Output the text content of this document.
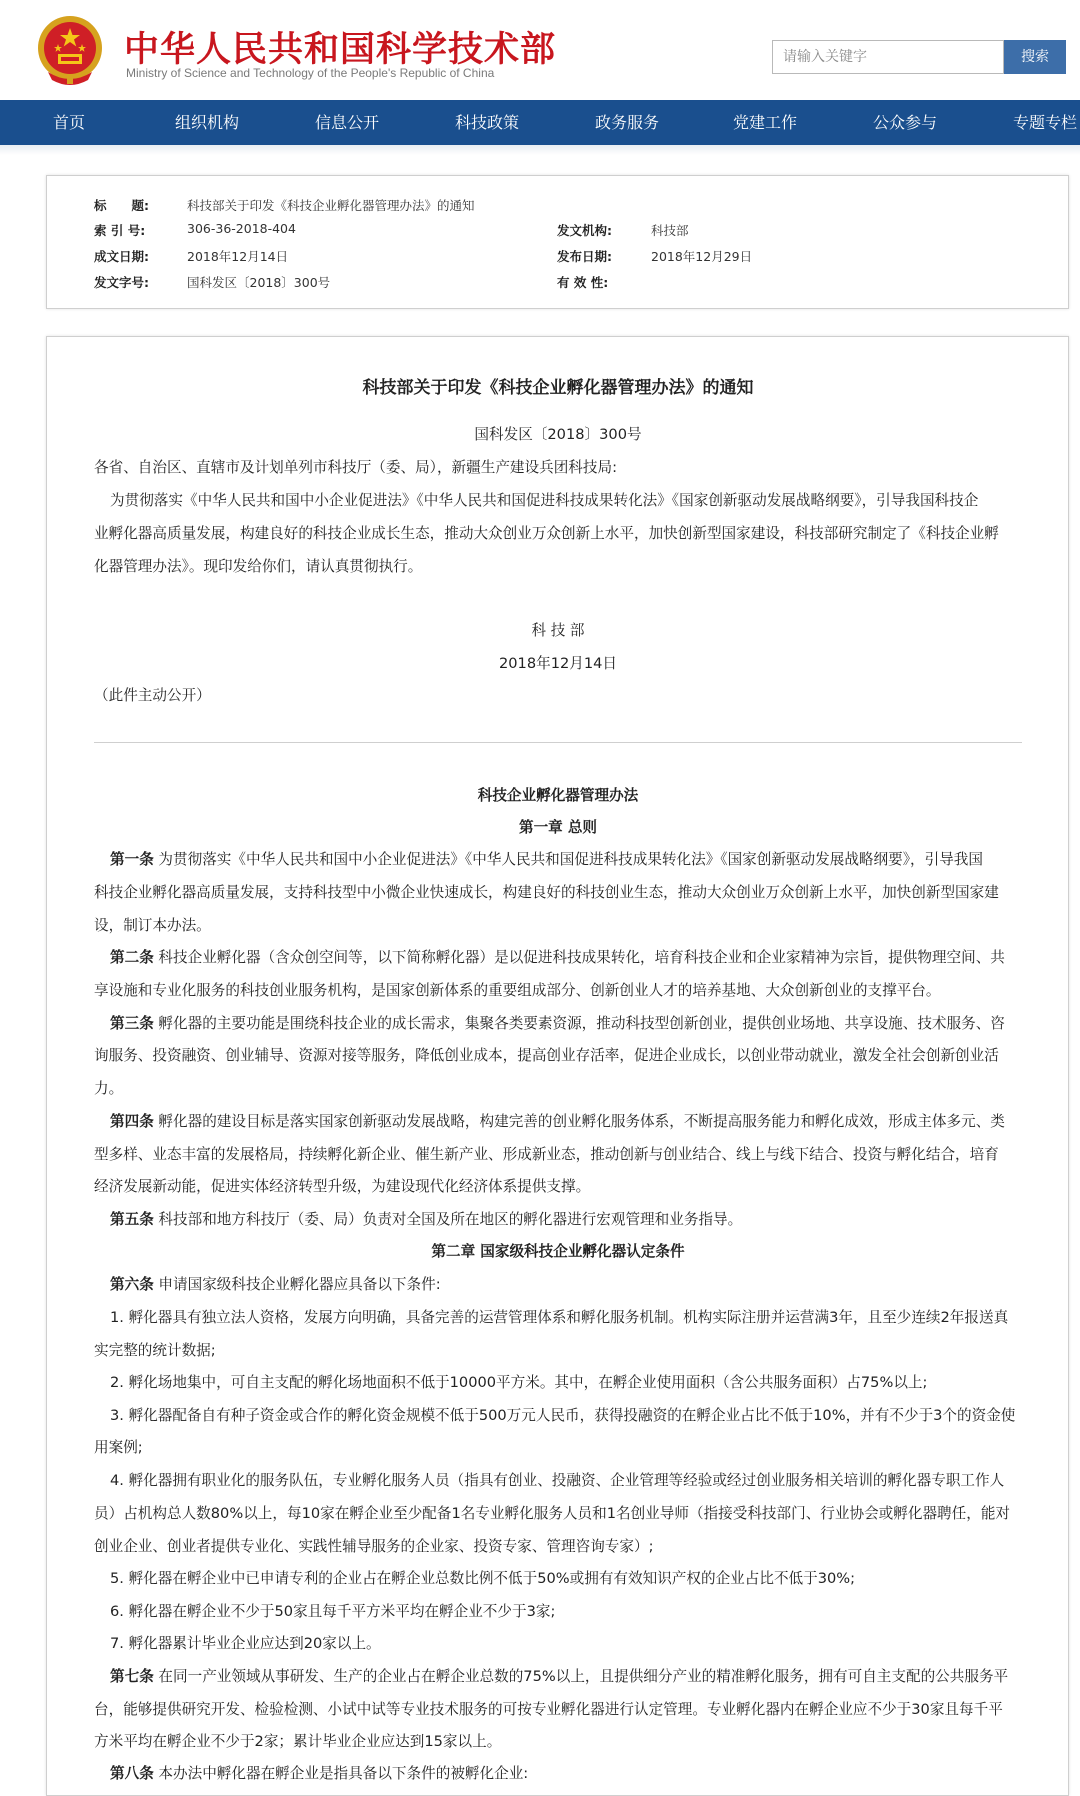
中华人民共和国科学技术部
Ministry of Science and Technology of the People's Republic of China
请输入关键字	搜索
首页	组织机构	信息公开	科技政策	政务服务	党建工作	公众参与	专题专栏
标　　题:	科技部关于印发《科技企业孵化器管理办法》的通知
索 引 号:	306-36-2018-404	发文机构:	科技部
成文日期:	2018年12月14日	发布日期:	2018年12月29日
发文字号:	国科发区〔2018〕300号	有 效 性:
科技部关于印发《科技企业孵化器管理办法》的通知
国科发区〔2018〕300号
各省、自治区、直辖市及计划单列市科技厅（委、局），新疆生产建设兵团科技局:
为贯彻落实《中华人民共和国中小企业促进法》《中华人民共和国促进科技成果转化法》《国家创新驱动发展战略纲要》，引导我国科技企
业孵化器高质量发展，构建良好的科技企业成长生态，推动大众创业万众创新上水平，加快创新型国家建设，科技部研究制定了《科技企业孵
化器管理办法》。现印发给你们，请认真贯彻执行。
科 技 部
2018年12月14日
（此件主动公开）
科技企业孵化器管理办法
第一章 总则
第一条 为贯彻落实《中华人民共和国中小企业促进法》《中华人民共和国促进科技成果转化法》《国家创新驱动发展战略纲要》，引导我国
科技企业孵化器高质量发展，支持科技型中小微企业快速成长，构建良好的科技创业生态，推动大众创业万众创新上水平，加快创新型国家建
设，制订本办法。
第二条 科技企业孵化器（含众创空间等，以下简称孵化器）是以促进科技成果转化，培育科技企业和企业家精神为宗旨，提供物理空间、共
享设施和专业化服务的科技创业服务机构，是国家创新体系的重要组成部分、创新创业人才的培养基地、大众创新创业的支撑平台。
第三条 孵化器的主要功能是围绕科技企业的成长需求，集聚各类要素资源，推动科技型创新创业，提供创业场地、共享设施、技术服务、咨
询服务、投资融资、创业辅导、资源对接等服务，降低创业成本，提高创业存活率，促进企业成长，以创业带动就业，激发全社会创新创业活
力。
第四条 孵化器的建设目标是落实国家创新驱动发展战略，构建完善的创业孵化服务体系，不断提高服务能力和孵化成效，形成主体多元、类
型多样、业态丰富的发展格局，持续孵化新企业、催生新产业、形成新业态，推动创新与创业结合、线上与线下结合、投资与孵化结合，培育
经济发展新动能，促进实体经济转型升级，为建设现代化经济体系提供支撑。
第五条 科技部和地方科技厅（委、局）负责对全国及所在地区的孵化器进行宏观管理和业务指导。
第二章 国家级科技企业孵化器认定条件
第六条 申请国家级科技企业孵化器应具备以下条件:
1. 孵化器具有独立法人资格，发展方向明确，具备完善的运营管理体系和孵化服务机制。机构实际注册并运营满3年，且至少连续2年报送真
实完整的统计数据;
2. 孵化场地集中，可自主支配的孵化场地面积不低于10000平方米。其中，在孵企业使用面积（含公共服务面积）占75%以上;
3. 孵化器配备自有种子资金或合作的孵化资金规模不低于500万元人民币，获得投融资的在孵企业占比不低于10%，并有不少于3个的资金使
用案例;
4. 孵化器拥有职业化的服务队伍，专业孵化服务人员（指具有创业、投融资、企业管理等经验或经过创业服务相关培训的孵化器专职工作人
员）占机构总人数80%以上，每10家在孵企业至少配备1名专业孵化服务人员和1名创业导师（指接受科技部门、行业协会或孵化器聘任，能对
创业企业、创业者提供专业化、实践性辅导服务的企业家、投资专家、管理咨询专家）;
5. 孵化器在孵企业中已申请专利的企业占在孵企业总数比例不低于50%或拥有有效知识产权的企业占比不低于30%;
6. 孵化器在孵企业不少于50家且每千平方米平均在孵企业不少于3家;
7. 孵化器累计毕业企业应达到20家以上。
第七条 在同一产业领域从事研发、生产的企业占在孵企业总数的75%以上，且提供细分产业的精准孵化服务，拥有可自主支配的公共服务平
台，能够提供研究开发、检验检测、小试中试等专业技术服务的可按专业孵化器进行认定管理。专业孵化器内在孵企业应不少于30家且每千平
方米平均在孵企业不少于2家；累计毕业企业应达到15家以上。
第八条 本办法中孵化器在孵企业是指具备以下条件的被孵化企业:
